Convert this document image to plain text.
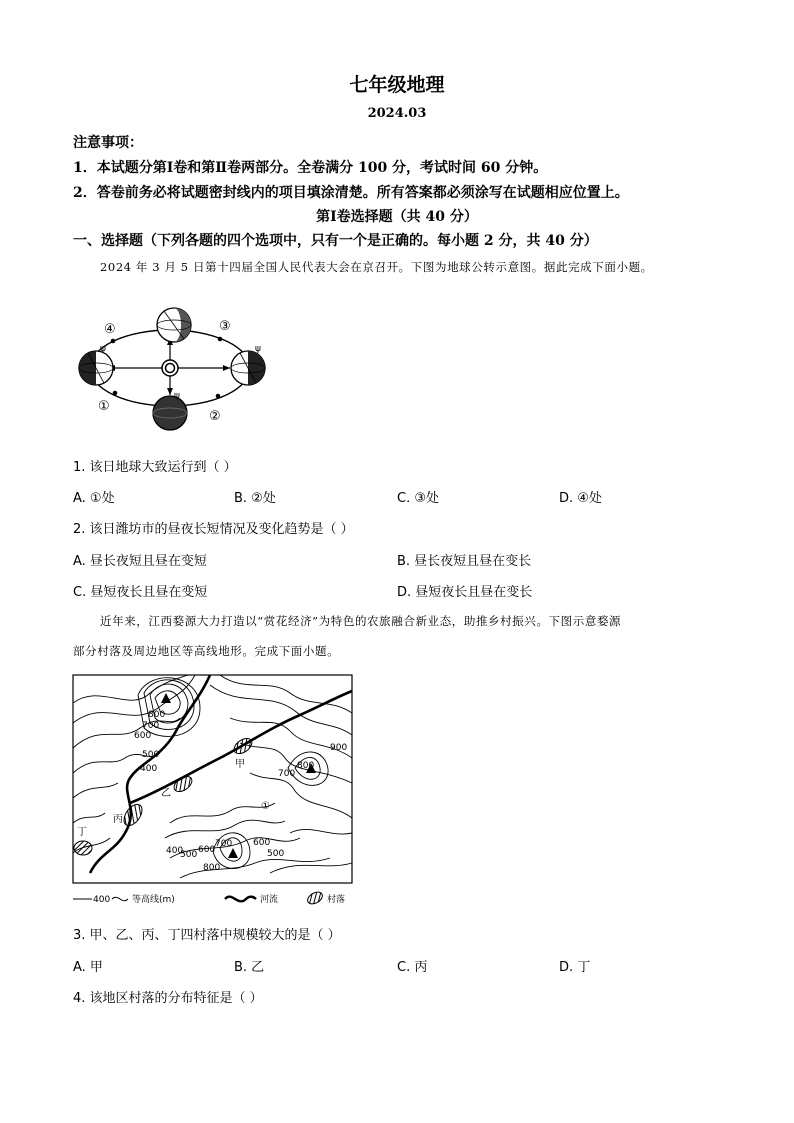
七年级地理
2024.03
注意事项：
1．本试题分第Ⅰ卷和第Ⅱ卷两部分。全卷满分 100 分，考试时间 60 分钟。
2．答卷前务必将试题密封线内的项目填涂清楚。所有答案都必须涂写在试题相应位置上。
第Ⅰ卷选择题（共 40 分）
一、选择题（下列各题的四个选项中，只有一个是正确的。每小题 2 分，共 40 分）
2024 年 3 月 5 日第十四届全国人民代表大会在京召开。下图为地球公转示意图。据此完成下面小题。
ψ
ψ
ψ
④	③
①
②
1. 该日地球大致运行到（ ）
A. ①处	B. ②处	C. ③处	D. ④处
2. 该日潍坊市的昼夜长短情况及变化趋势是（ ）
A. 昼长夜短且昼在变短	B. 昼长夜短且昼在变长
C. 昼短夜长且昼在变短	D. 昼短夜长且昼在变长
近年来，江西婺源大力打造以“赏花经济”为特色的农旅融合新业态，助推乡村振兴。下图示意婺源
部分村落及周边地区等高线地形。完成下面小题。
800
700
600
500
400
900
700
800
400
500 600
700
800
600
500
甲
乙
丙
丁
①
400 等高线(m)	河流	村落
3. 甲、乙、丙、丁四村落中规模较大的是（ ）
A. 甲	B. 乙	C. 丙	D. 丁
4. 该地区村落的分布特征是（ ）
